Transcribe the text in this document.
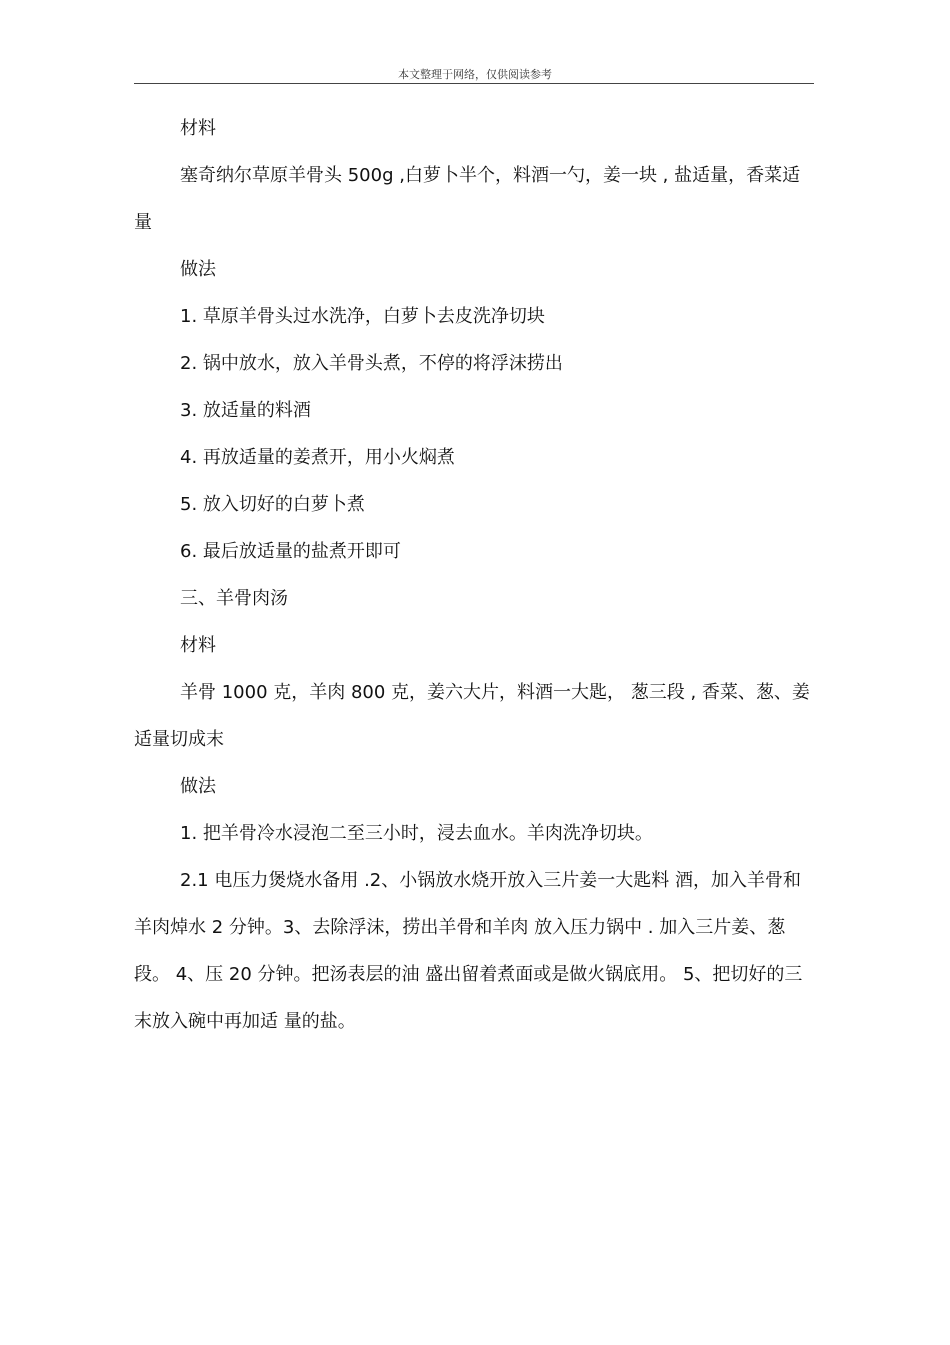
本文整理于网络，仅供阅读参考

材料

塞奇纳尔草原羊骨头 500g ,白萝卜半个，料酒一勺，姜一块 , 盐适量，香菜适量

做法

1. 草原羊骨头过水洗净，白萝卜去皮洗净切块

2. 锅中放水，放入羊骨头煮，不停的将浮沫捞出

3. 放适量的料酒

4. 再放适量的姜煮开，用小火焖煮

5. 放入切好的白萝卜煮

6. 最后放适量的盐煮开即可

三、羊骨肉汤

材料

羊骨 1000 克，羊肉 800 克，姜六大片，料酒一大匙， 葱三段 , 香菜、葱、姜适量切成末

做法

1. 把羊骨冷水浸泡二至三小时，浸去血水。羊肉洗净切块。

2.1 电压力煲烧水备用 .2、小锅放水烧开放入三片姜一大匙料 酒，加入羊骨和羊肉焯水 2 分钟。3、去除浮沫，捞出羊骨和羊肉 放入压力锅中 . 加入三片姜、葱段。 4、压 20 分钟。把汤表层的油 盛出留着煮面或是做火锅底用。 5、把切好的三末放入碗中再加适 量的盐。
